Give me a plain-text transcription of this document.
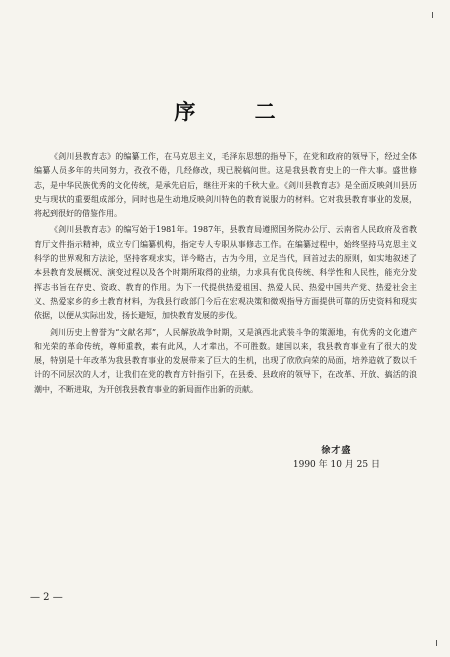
序 二

《剑川县教育志》的编纂工作，在马克思主义，毛泽东思想的指导下，在党和政府的领导下，经过全体编纂人员多年的共同努力，孜孜不倦，几经修改，现已脱稿问世。这是我县教育史上的一件大事。盛世修志，是中华民族优秀的文化传统，是承先启后，继往开来的千秋大业。《剑川县教育志》是全面反映剑川县历史与现状的重要组成部分，同时也是生动地反映剑川特色的教育说服力的材料。它对我县教育事业的发展，将起到很好的借鉴作用。

《剑川县教育志》的编写始于1981年。1987年，县教育局遵照国务院办公厅、云南省人民政府及省教育厅文件指示精神，成立专门编纂机构，指定专人专职从事修志工作。在编纂过程中，始终坚持马克思主义科学的世界观和方法论，坚持客观求实，详今略古，古为今用，立足当代，回首过去的原则，如实地叙述了本县教育发展概况、演变过程以及各个时期所取得的业绩，力求具有优良传统、科学性和人民性，能充分发挥志书旨在存史、资政、教育的作用。为下一代提供热爱祖国、热爱人民、热爱中国共产党、热爱社会主义、热爱家乡的乡土教育材料，为我县行政部门今后在宏观决策和微观指导方面提供可靠的历史资料和现实依据，以便从实际出发，扬长避短，加快教育发展的步伐。

剑川历史上曾誉为“文献名邦”，人民解放战争时期，又是滇西北武装斗争的策源地，有优秀的文化遗产和光荣的革命传统，尊师重教，素有此风，人才辈出，不可胜数。建国以来，我县教育事业有了很大的发展，特别是十年改革为我县教育事业的发展带来了巨大的生机，出现了欣欣向荣的局面，培养造就了数以千计的不同层次的人才，让我们在党的教育方针指引下，在县委、县政府的领导下，在改革、开放、搞活的浪潮中，不断进取，为开创我县教育事业的新局面作出新的贡献。

徐才盛
1990 年 10 月 25 日
— 2 —
